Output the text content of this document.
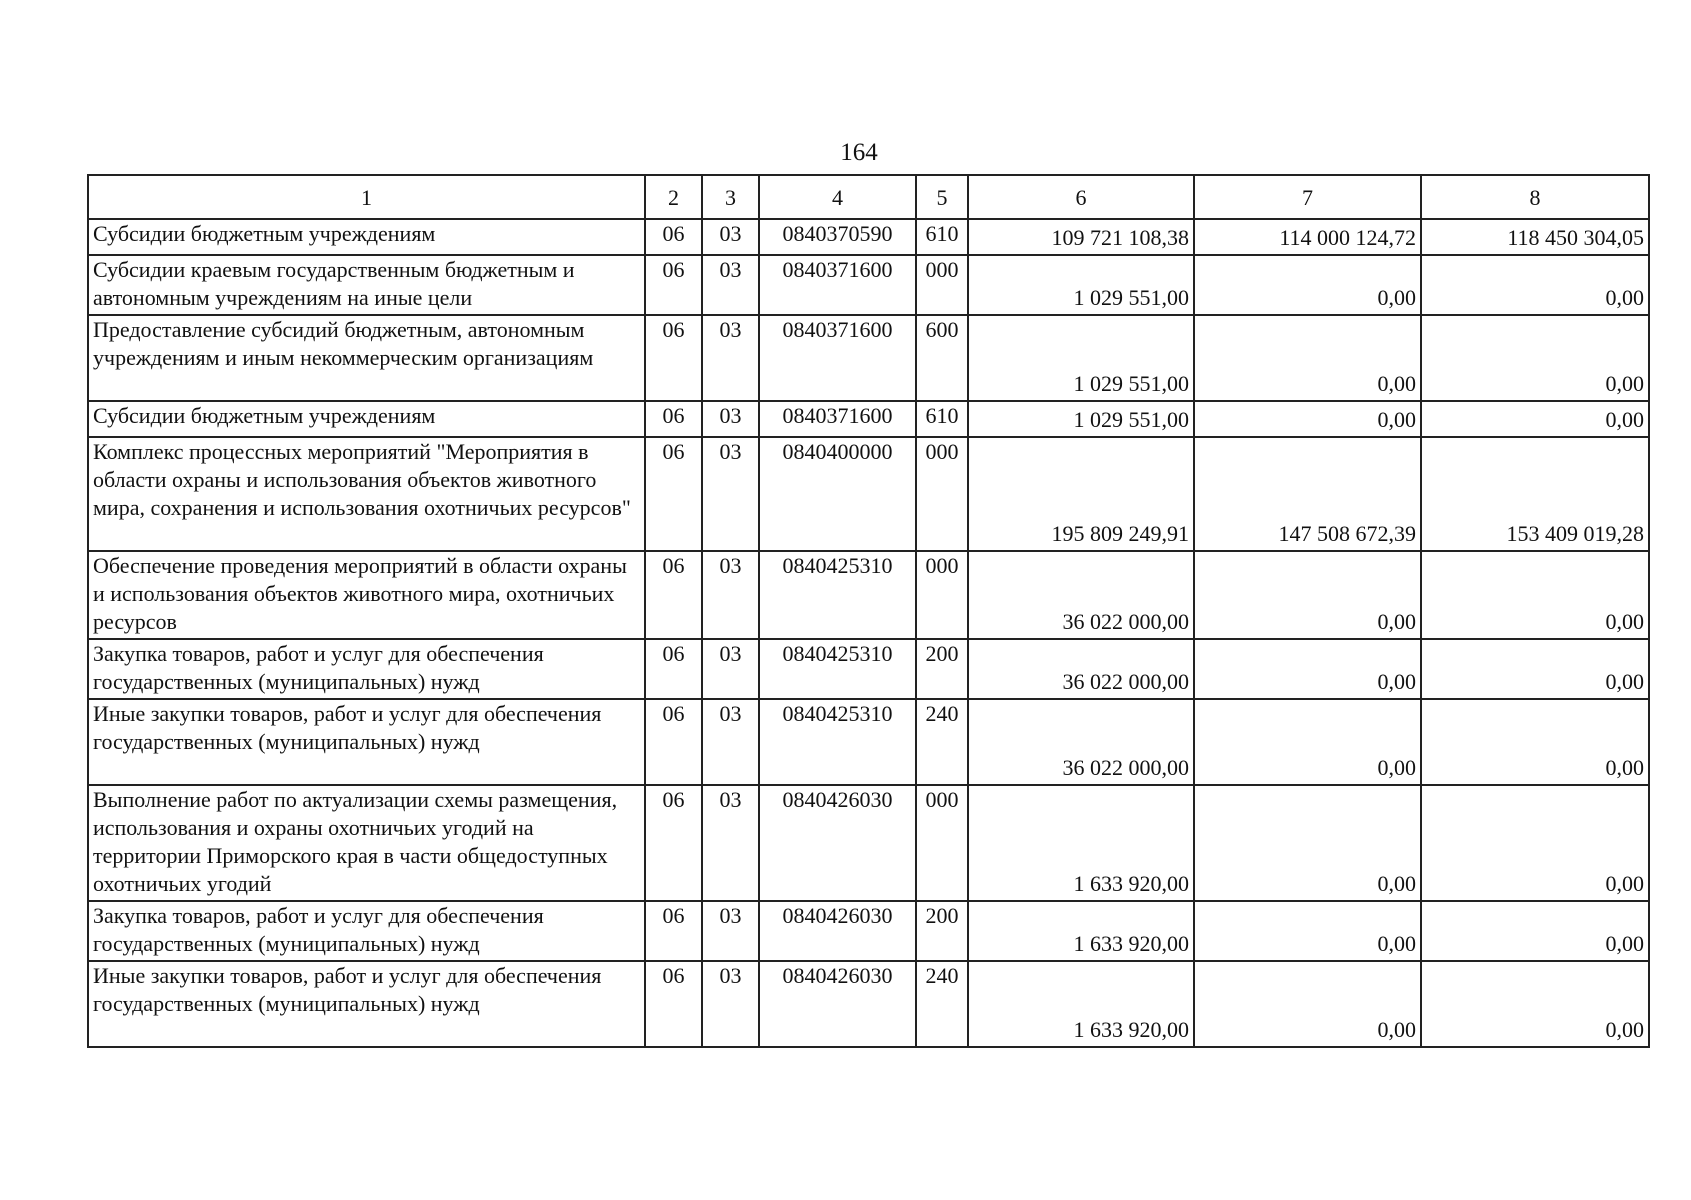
164
1	2	3	4	5	6	7	8
Субсидии бюджетным учреждениям	06	03	0840370590	610	109 721 108,38	114 000 124,72	118 450 304,05
Субсидии краевым государственным бюджетным и автономным учреждениям на иные цели	06	03	0840371600	000	1 029 551,00	0,00	0,00
Предоставление субсидий бюджетным, автономным учреждениям и иным некоммерческим организациям	06	03	0840371600	600	1 029 551,00	0,00	0,00
Субсидии бюджетным учреждениям	06	03	0840371600	610	1 029 551,00	0,00	0,00
Комплекс процессных мероприятий "Мероприятия в области охраны и использования объектов животного мира, сохранения и использования охотничьих ресурсов"	06	03	0840400000	000	195 809 249,91	147 508 672,39	153 409 019,28
Обеспечение проведения мероприятий в области охраны и использования объектов животного мира, охотничьих ресурсов	06	03	0840425310	000	36 022 000,00	0,00	0,00
Закупка товаров, работ и услуг для обеспечения государственных (муниципальных) нужд	06	03	0840425310	200	36 022 000,00	0,00	0,00
Иные закупки товаров, работ и услуг для обеспечения государственных (муниципальных) нужд	06	03	0840425310	240	36 022 000,00	0,00	0,00
Выполнение работ по актуализации схемы размещения, использования и охраны охотничьих угодий на территории Приморского края в части общедоступных охотничьих угодий	06	03	0840426030	000	1 633 920,00	0,00	0,00
Закупка товаров, работ и услуг для обеспечения государственных (муниципальных) нужд	06	03	0840426030	200	1 633 920,00	0,00	0,00
Иные закупки товаров, работ и услуг для обеспечения государственных (муниципальных) нужд	06	03	0840426030	240	1 633 920,00	0,00	0,00
